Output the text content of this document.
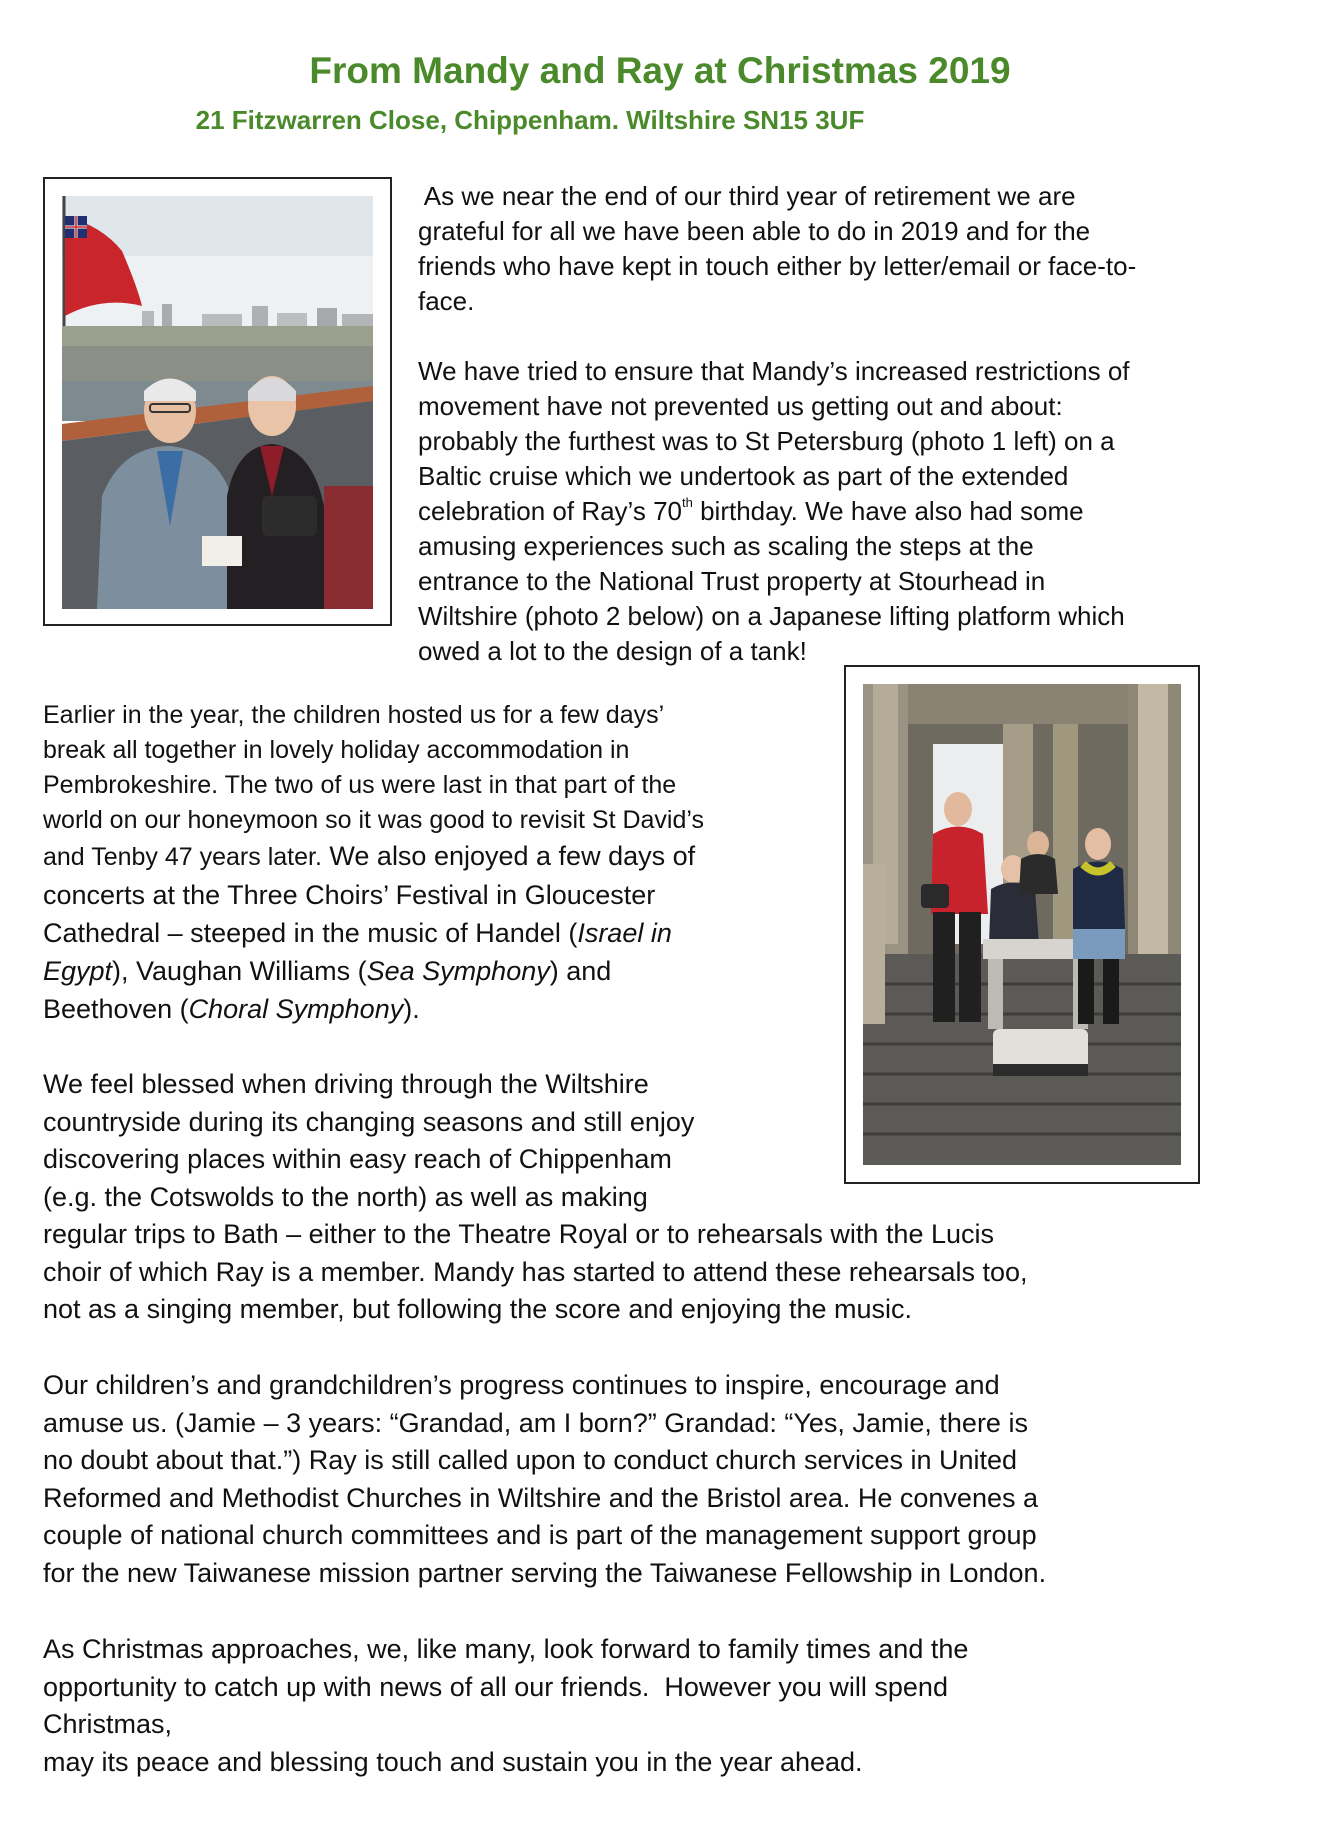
From Mandy and Ray at Christmas 2019
21 Fitzwarren Close, Chippenham. Wiltshire SN15 3UF
As we near the end of our third year of retirement we are
grateful for all we have been able to do in 2019 and for the
friends who have kept in touch either by letter/email or face-to-
face.
We have tried to ensure that Mandy’s increased restrictions of
movement have not prevented us getting out and about:
probably the furthest was to St Petersburg (photo 1 left) on a
Baltic cruise which we undertook as part of the extended
celebration of Ray’s 70th birthday. We have also had some
amusing experiences such as scaling the steps at the
entrance to the National Trust property at Stourhead in
Wiltshire (photo 2 below) on a Japanese lifting platform which
owed a lot to the design of a tank!
Earlier in the year, the children hosted us for a few days’
break all together in lovely holiday accommodation in
Pembrokeshire. The two of us were last in that part of the
world on our honeymoon so it was good to revisit St David’s
and Tenby 47 years later. We also enjoyed a few days of
concerts at the Three Choirs’ Festival in Gloucester
Cathedral – steeped in the music of Handel (Israel in
Egypt), Vaughan Williams (Sea Symphony) and
Beethoven (Choral Symphony).
We feel blessed when driving through the Wiltshire
countryside during its changing seasons and still enjoy
discovering places within easy reach of Chippenham
(e.g. the Cotswolds to the north) as well as making
regular trips to Bath – either to the Theatre Royal or to rehearsals with the Lucis
choir of which Ray is a member. Mandy has started to attend these rehearsals too,
not as a singing member, but following the score and enjoying the music.
Our children’s and grandchildren’s progress continues to inspire, encourage and
amuse us. (Jamie – 3 years: “Grandad, am I born?” Grandad: “Yes, Jamie, there is
no doubt about that.”) Ray is still called upon to conduct church services in United
Reformed and Methodist Churches in Wiltshire and the Bristol area. He convenes a
couple of national church committees and is part of the management support group
for the new Taiwanese mission partner serving the Taiwanese Fellowship in London.
As Christmas approaches, we, like many, look forward to family times and the
opportunity to catch up with news of all our friends.  However you will spend
Christmas,
may its peace and blessing touch and sustain you in the year ahead.
